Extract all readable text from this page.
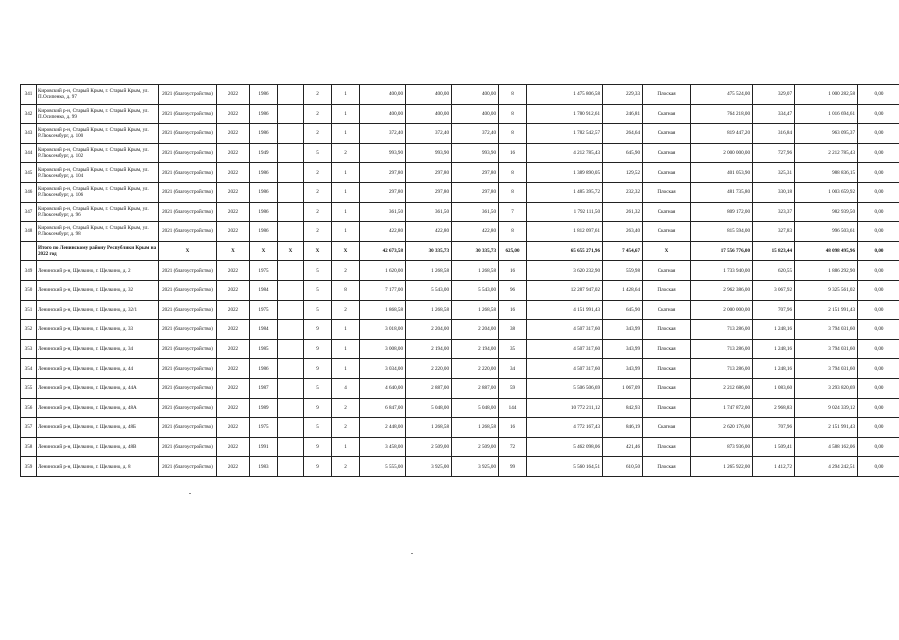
341	Кировский р-н, Старый Крым, г. Старый Крым, ул. П.Осипенко, д. 97	2021 (благоустройство)	2022	1986		2	1	400,00	400,00	400,00	8	1 475 806,58	229,33	Плоская	475 524,00	329,07	1 000 282,58	0,00
342	Кировский р-н, Старый Крым, г. Старый Крым, ул. П.Осипенко, д. 99	2021 (благоустройство)	2022	1986		2	1	400,00	400,00	400,00	8	1 780 912,61	246,81	Скатная	764 218,00	334,47	1 016 694,61	0,00
343	Кировский р-н, Старый Крым, г. Старый Крым, ул. Р.Люксембург, д. 100	2021 (благоустройство)	2022	1986		2	1	372,40	372,40	372,40	8	1 782 542,57	264,64	Скатная	819 447,20	316,84	963 095,37	0,00
344	Кировский р-н, Старый Крым, г. Старый Крым, ул. Р.Люксембург, д. 102	2021 (благоустройство)	2022	1949		5	2	993,90	993,90	993,90	16	4 212 785,43	645,90	Скатная	2 000 000,00	727,96	2 212 785,43	0,00
345	Кировский р-н, Старый Крым, г. Старый Крым, ул. Р.Люксембург, д. 104	2021 (благоустройство)	2022	1986		2	1	297,80	297,80	297,80	8	1 389 890,05	129,52	Скатная	401 053,90	325,31	988 836,15	0,00
346	Кировский р-н, Старый Крым, г. Старый Крым, ул. Р.Люксембург, д. 106	2021 (благоустройство)	2022	1986		2	1	297,80	297,80	297,80	8	1 485 395,72	232,32	Плоская	481 735,80	330,18	1 003 659,92	0,00
347	Кировский р-н, Старый Крым, г. Старый Крым, ул. Р.Люксембург, д. 96	2021 (благоустройство)	2022	1986		2	1	361,50	361,50	361,50	7	1 792 111,50	261,32	Скатная	809 172,00	323,37	982 939,50	0,00
348	Кировский р-н, Старый Крым, г. Старый Крым, ул. Р.Люксембург, д. 98	2021 (благоустройство)	2022	1986		2	1	422,80	422,80	422,80	8	1 812 097,61	263,40	Скатная	815 594,00	327,83	996 503,61	0,00
	Итого по Ленинскому району Республики Крым на 2022 год	X	X	X	X	X	X	42 673,58	30 335,73	30 335,73	625,00	65 655 271,96	7 454,67	X	17 556 776,00	15 823,44	48 098 495,96	0,00
349	Ленинский р-н, Щелкино, г. Щелкино, д. 2	2021 (благоустройство)	2022	1975		5	2	1 620,00	1 268,58	1 268,58	16	3 620 232,90	559,98	Скатная	1 733 940,00	620,55	1 886 292,90	0,00
350	Ленинский р-н, Щелкино, г. Щелкино, д. 32	2021 (благоустройство)	2022	1984		5	8	7 177,00	5 543,00	5 543,00	96	12 287 947,02	1 428,64	Плоская	2 962 386,00	3 067,92	9 325 561,02	0,00
351	Ленинский р-н, Щелкино, г. Щелкино, д. 32/1	2021 (благоустройство)	2022	1975		5	2	1 868,58	1 268,58	1 268,58	16	4 151 991,43	645,90	Скатная	2 000 000,00	707,96	2 151 991,43	0,00
352	Ленинский р-н, Щелкино, г. Щелкино, д. 33	2021 (благоустройство)	2022	1984		9	1	3 018,00	2 204,00	2 204,00	38	4 507 317,60	343,99	Плоская	713 286,00	1 248,16	3 794 031,60	0,00
353	Ленинский р-н, Щелкино, г. Щелкино, д. 34	2021 (благоустройство)	2022	1985		9	1	3 008,00	2 194,00	2 194,00	35	4 507 317,60	343,99	Плоская	713 286,00	1 248,16	3 794 031,60	0,00
354	Ленинский р-н, Щелкино, г. Щелкино, д. 44	2021 (благоустройство)	2022	1986		9	1	3 034,00	2 220,00	2 220,00	34	4 507 317,60	343,99	Плоская	713 286,00	1 248,16	3 794 031,60	0,00
355	Ленинский р-н, Щелкино, г. Щелкино, д. 44А	2021 (благоустройство)	2022	1987		5	4	4 640,00	2 887,00	2 887,00	59	5 506 506,69	1 067,09	Плоская	2 212 686,00	1 083,60	3 293 820,69	0,00
356	Ленинский р-н, Щелкино, г. Щелкино, д. 48А	2021 (благоустройство)	2022	1989		9	2	6 847,00	5 048,00	5 048,00	144	10 772 211,12	842,93	Плоская	1 747 872,00	2 968,83	9 024 339,12	0,00
357	Ленинский р-н, Щелкино, г. Щелкино, д. 48Б	2021 (благоустройство)	2022	1975		5	2	2 448,00	1 268,58	1 268,58	16	4 772 167,43	846,19	Скатная	2 620 176,00	707,96	2 151 991,43	0,00
358	Ленинский р-н, Щелкино, г. Щелкино, д. 48В	2021 (благоустройство)	2022	1991		9	1	3 458,00	2 509,00	2 509,00	72	5 462 098,06	421,46	Плоская	873 936,00	1 509,41	4 588 162,06	0,00
359	Ленинский р-н, Щелкино, г. Щелкино, д. 8	2021 (благоустройство)	2022	1983		9	2	5 555,00	3 925,00	3 925,00	99	5 560 164,51	610,50	Плоская	1 265 922,00	1 412,72	4 294 242,51	0,00
